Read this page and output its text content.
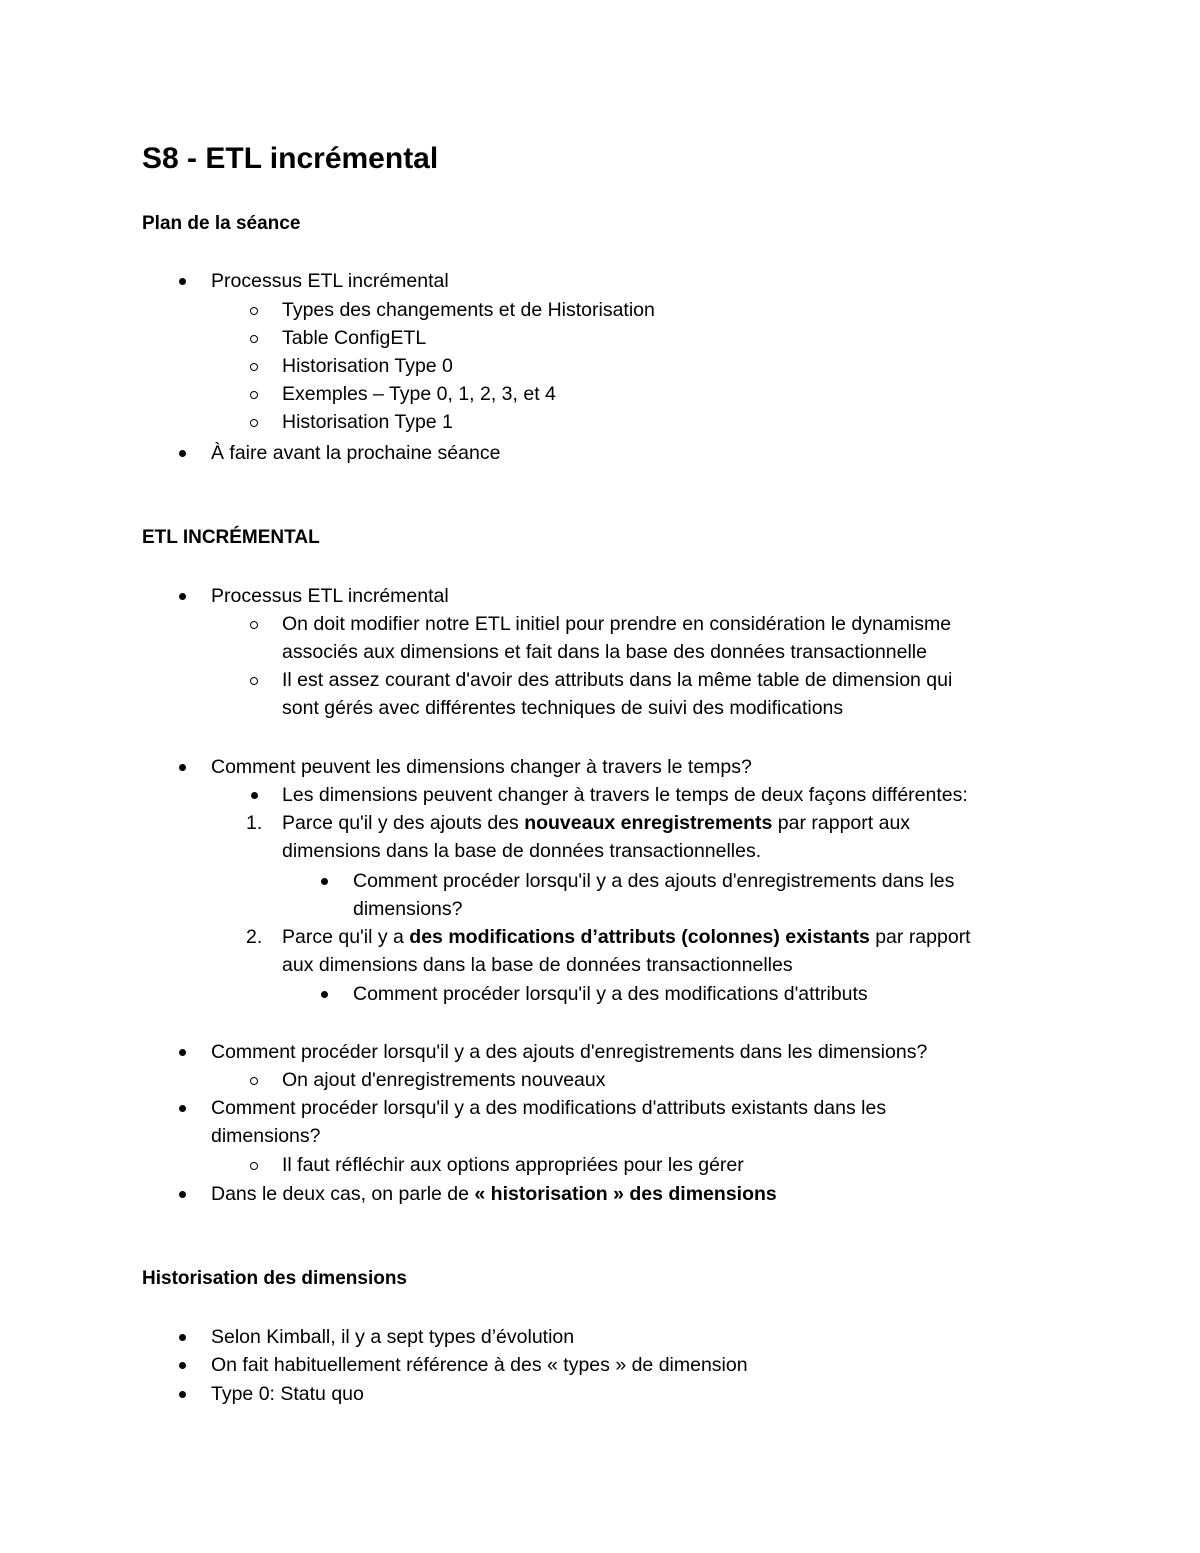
S8 - ETL incrémental
Plan de la séance

Processus ETL incrémental

Types des changements et de Historisation

Table ConfigETL

Historisation Type 0

Exemples – Type 0, 1, 2, 3, et 4

Historisation Type 1

À faire avant la prochaine séance

ETL INCRÉMENTAL

Processus ETL incrémental

On doit modifier notre ETL initiel pour prendre en considération le dynamisme

associés aux dimensions et fait dans la base des données transactionnelle

Il est assez courant d'avoir des attributs dans la même table de dimension qui

sont gérés avec différentes techniques de suivi des modifications

Comment peuvent les dimensions changer à travers le temps?

Les dimensions peuvent changer à travers le temps de deux façons différentes:

1. Parce qu'il y des ajouts des nouveaux enregistrements par rapport aux

dimensions dans la base de données transactionnelles.

Comment procéder lorsqu'il y a des ajouts d'enregistrements dans les

dimensions?

2. Parce qu'il y a des modifications d’attributs (colonnes) existants par rapport

aux dimensions dans la base de données transactionnelles

Comment procéder lorsqu'il y a des modifications d'attributs

Comment procéder lorsqu'il y a des ajouts d'enregistrements dans les dimensions?

On ajout d'enregistrements nouveaux

Comment procéder lorsqu'il y a des modifications d'attributs existants dans les

dimensions?

Il faut réfléchir aux options appropriées pour les gérer

Dans le deux cas, on parle de « historisation » des dimensions

Historisation des dimensions

Selon Kimball, il y a sept types d’évolution

On fait habituellement référence à des « types » de dimension

Type 0: Statu quo
